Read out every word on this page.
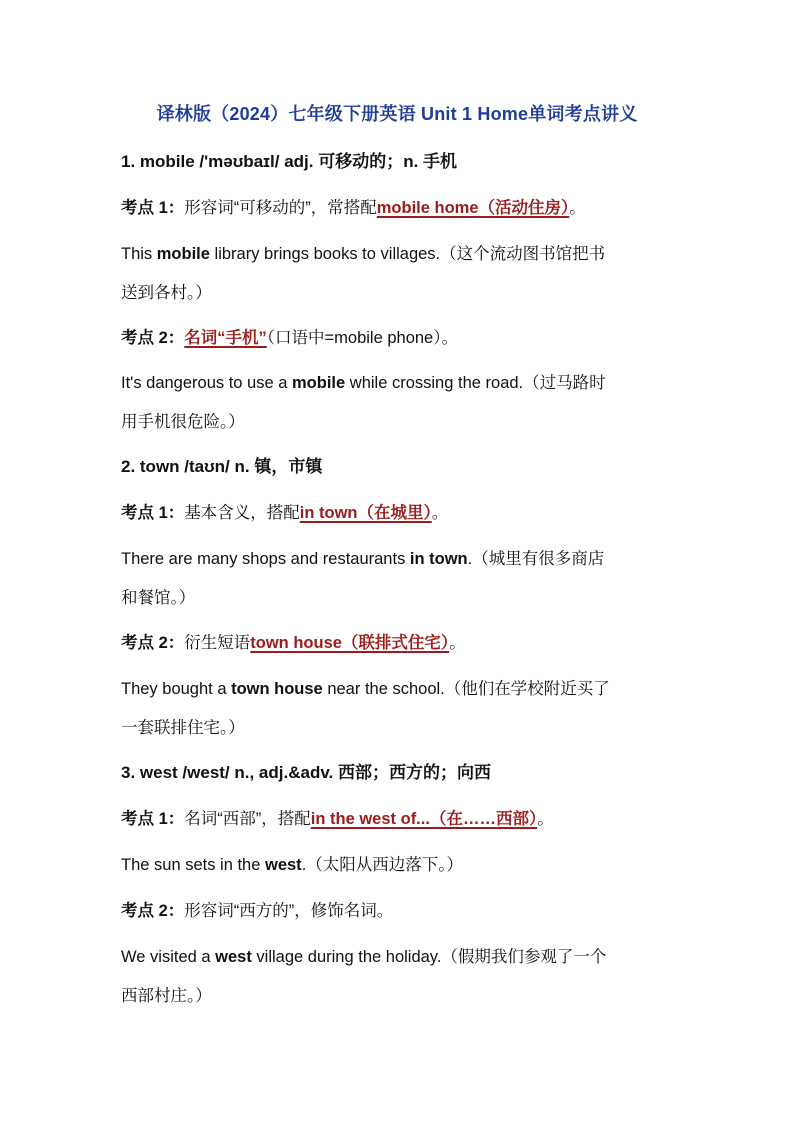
译林版（2024）七年级下册英语 Unit 1 Home单词考点讲义
1. mobile /'məʊbaɪl/ adj. 可移动的；n. 手机
考点 1：形容词“可移动的”，常搭配mobile home（活动住房）。
This mobile library brings books to villages.（这个流动图书馆把书
送到各村。）
考点 2：名词“手机”（口语中=mobile phone）。
It's dangerous to use a mobile while crossing the road.（过马路时
用手机很危险。）
2. town /taʊn/ n. 镇，市镇
考点 1：基本含义，搭配in town（在城里）。
There are many shops and restaurants in town.（城里有很多商店
和餐馆。）
考点 2：衍生短语town house（联排式住宅）。
They bought a town house near the school.（他们在学校附近买了
一套联排住宅。）
3. west /west/ n., adj.&adv. 西部；西方的；向西
考点 1：名词“西部”，搭配in the west of...（在……西部）。
The sun sets in the west.（太阳从西边落下。）
考点 2：形容词“西方的”，修饰名词。
We visited a west village during the holiday.（假期我们参观了一个
西部村庄。）
